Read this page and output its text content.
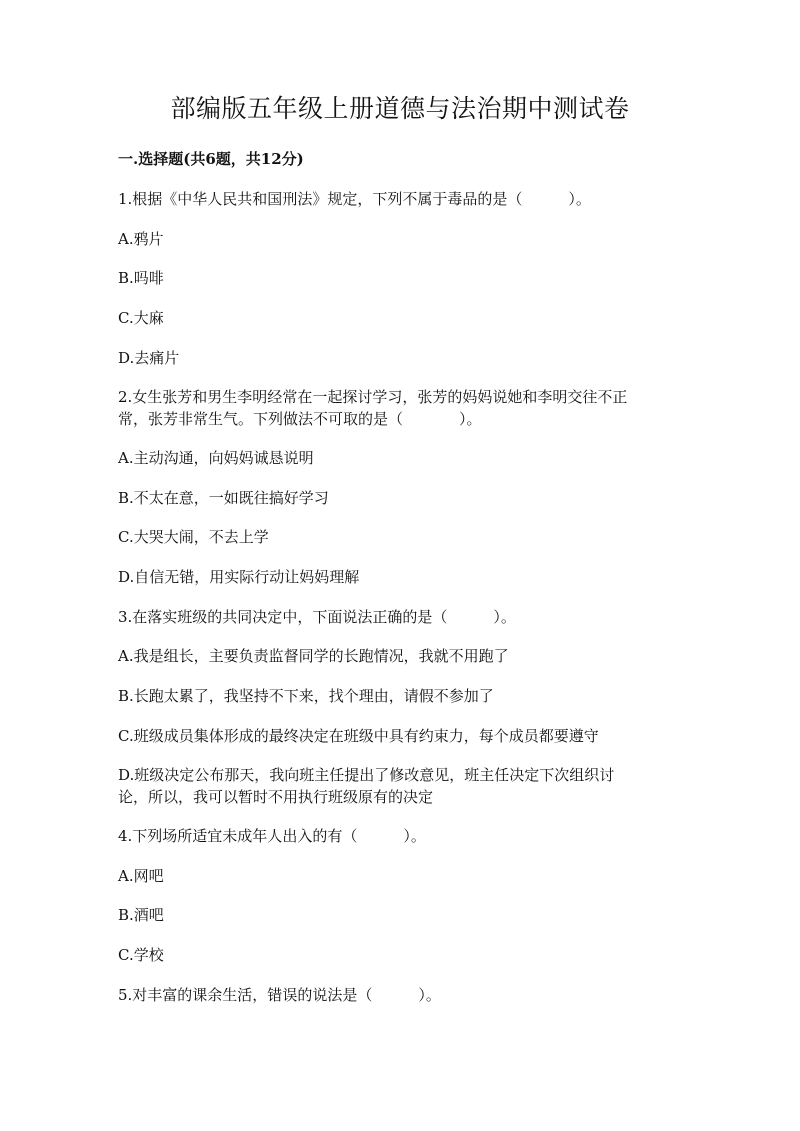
部编版五年级上册道德与法治期中测试卷
一.选择题(共6题，共12分)
1.根据《中华人民共和国刑法》规定，下列不属于毒品的是（	）。
A.鸦片
B.吗啡
C.大麻
D.去痛片
2.女生张芳和男生李明经常在一起探讨学习，张芳的妈妈说她和李明交往不正
常，张芳非常生气。下列做法不可取的是（	）。
A.主动沟通，向妈妈诚恳说明
B.不太在意，一如既往搞好学习
C.大哭大闹，不去上学
D.自信无错，用实际行动让妈妈理解
3.在落实班级的共同决定中，下面说法正确的是（	）。
A.我是组长，主要负责监督同学的长跑情况，我就不用跑了
B.长跑太累了，我坚持不下来，找个理由，请假不参加了
C.班级成员集体形成的最终决定在班级中具有约束力，每个成员都要遵守
D.班级决定公布那天，我向班主任提出了修改意见，班主任决定下次组织讨
论，所以，我可以暂时不用执行班级原有的决定
4.下列场所适宜未成年人出入的有（	）。
A.网吧
B.酒吧
C.学校
5.对丰富的课余生活，错误的说法是（	）。
